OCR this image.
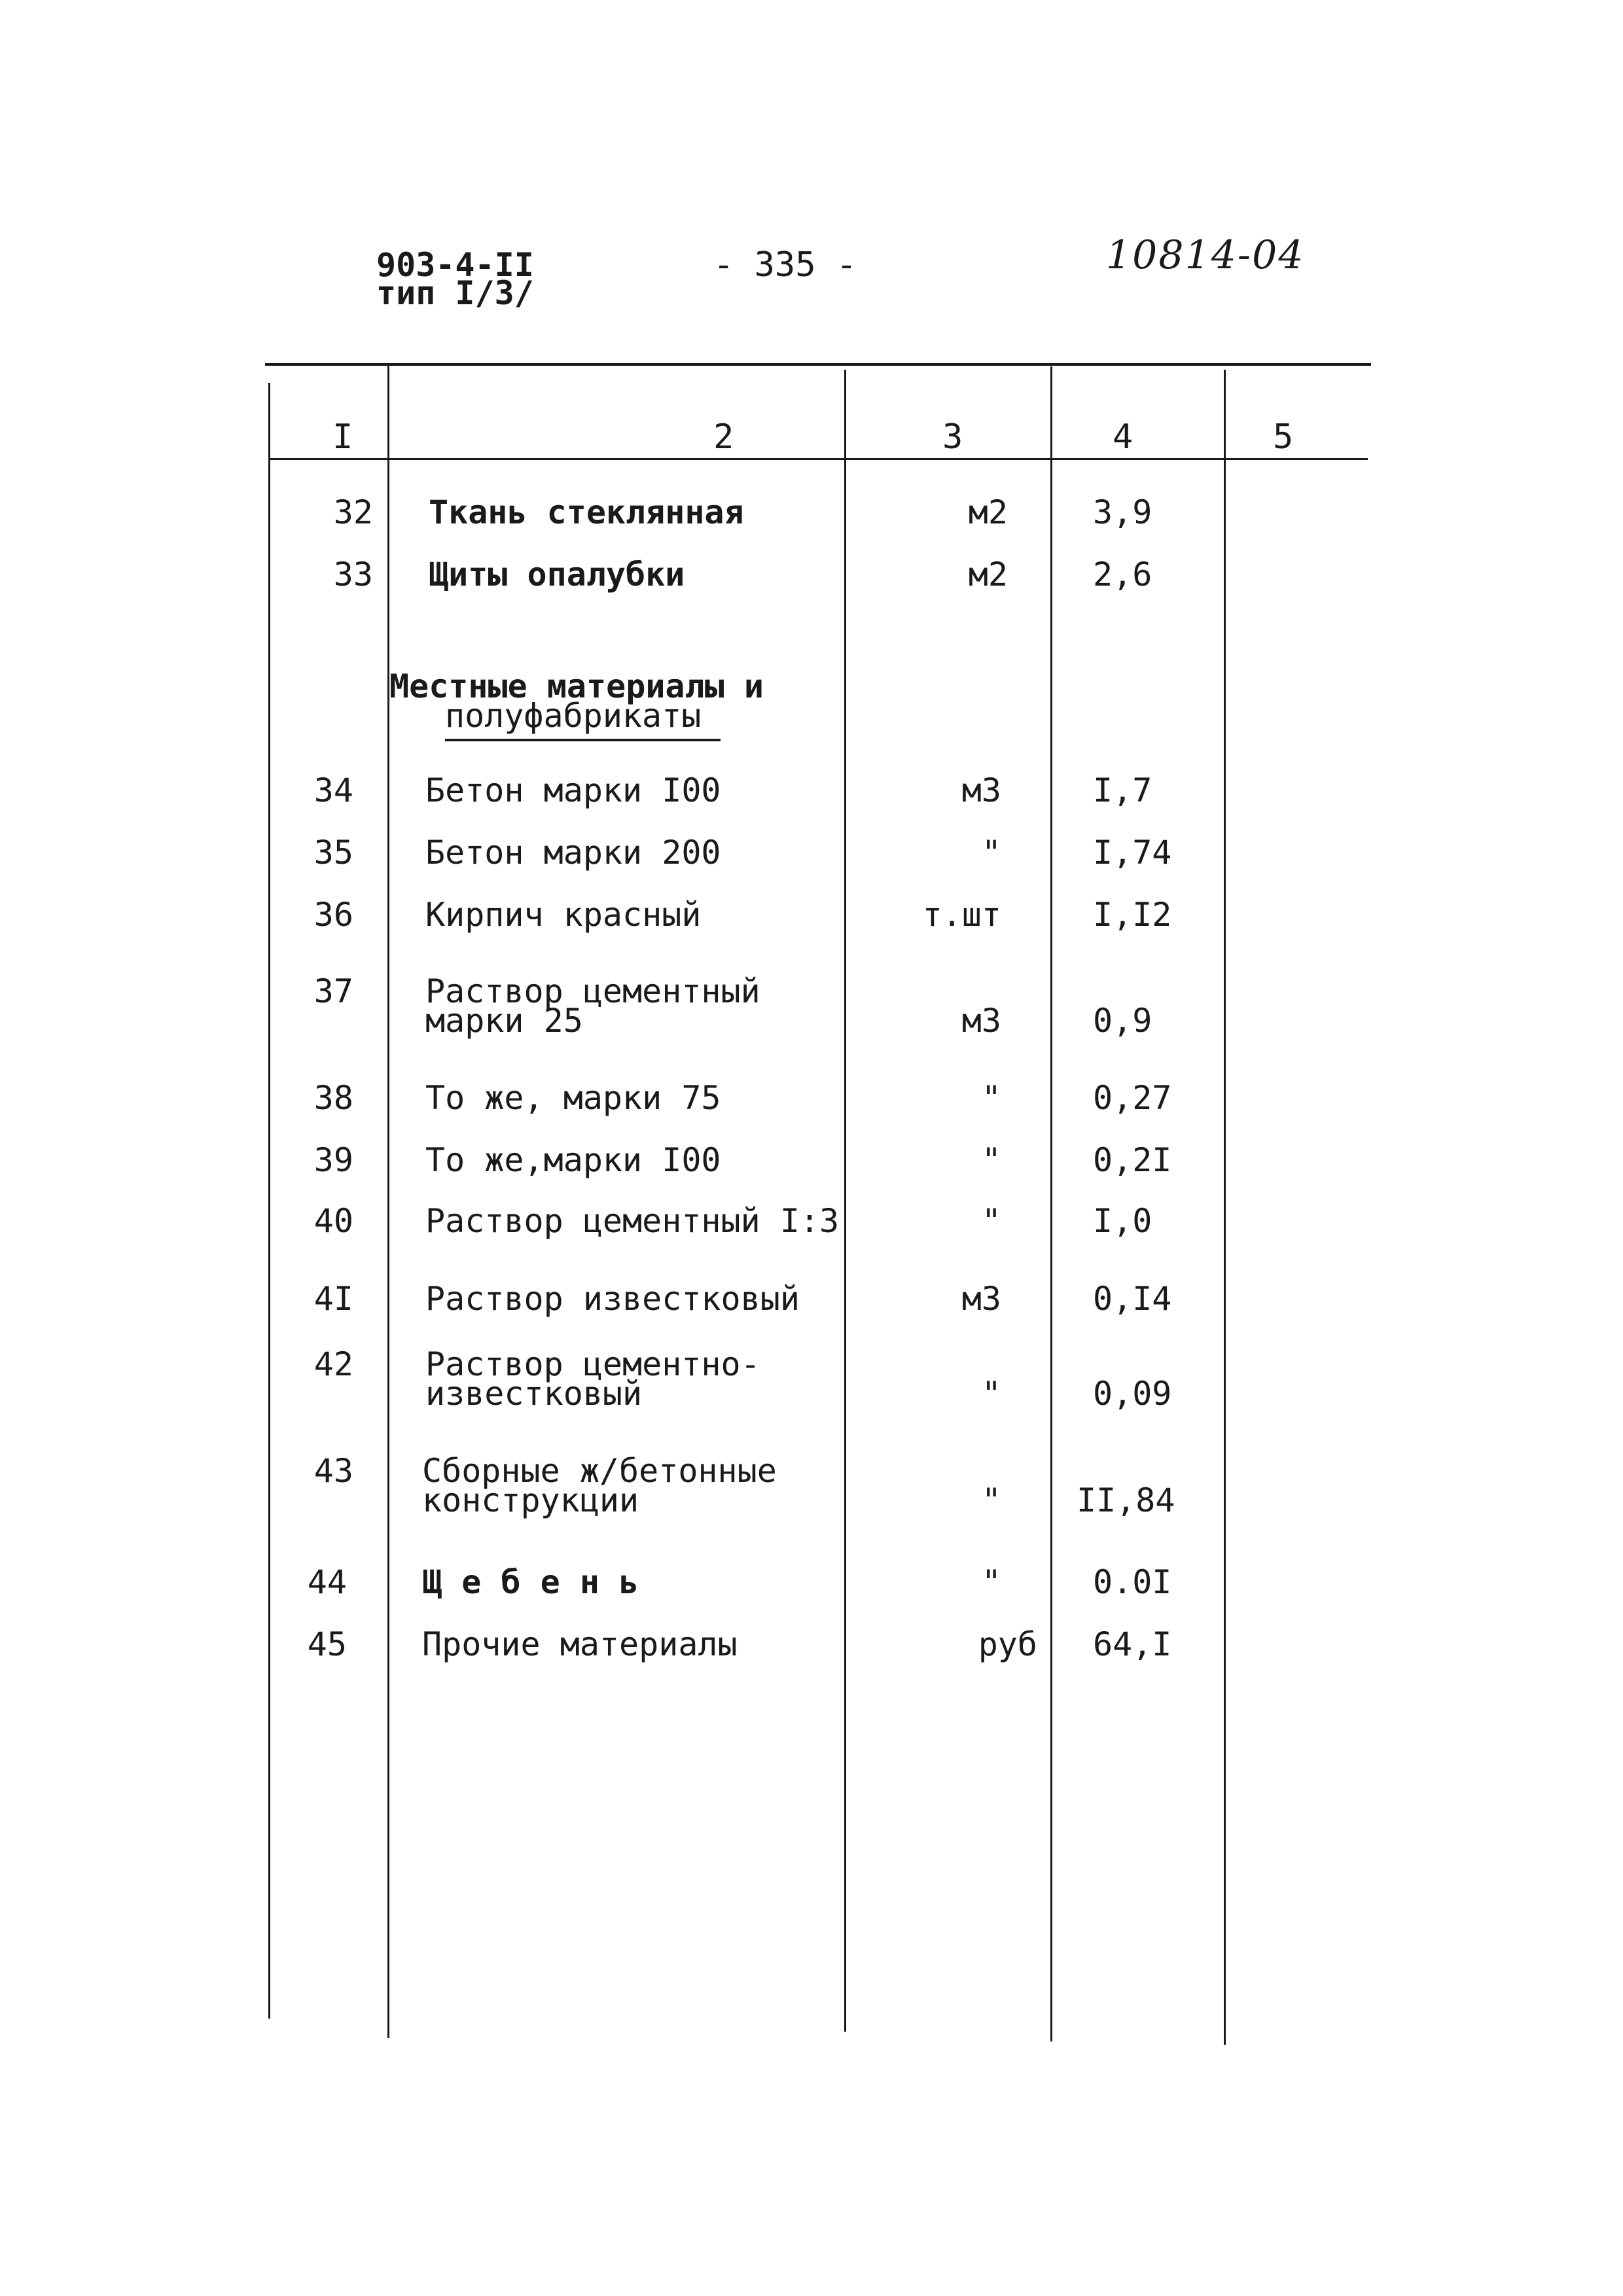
903-4-II
тип I/З/
- 335 -	10814-04
I	2	3	4	5
32 Ткань стеклянная	м2	3,9
33 Щиты опалубки	м2	2,6
Местные материалы и
полуфабрикаты
34 Бетон марки I00	м3	I,7
35 Бетон марки 200	"	I,74
36 Кирпич красный	т.шт	I,I2
37 Раствор цементный
марки 25	м3	0,9
38 То же, марки 75	"	0,27
39 То же,марки I00	"	0,2I
40 Раствор цементный I:3	"	I,0
4I Раствор известковый	м3	0,I4
42 Раствор цементно-
известковый	"	0,09
43 Сборные ж/бетонные
конструкции	" II,84
44 Щ е б е н ь	"	0.0I
45 Прочие материалы	руб 64,I
